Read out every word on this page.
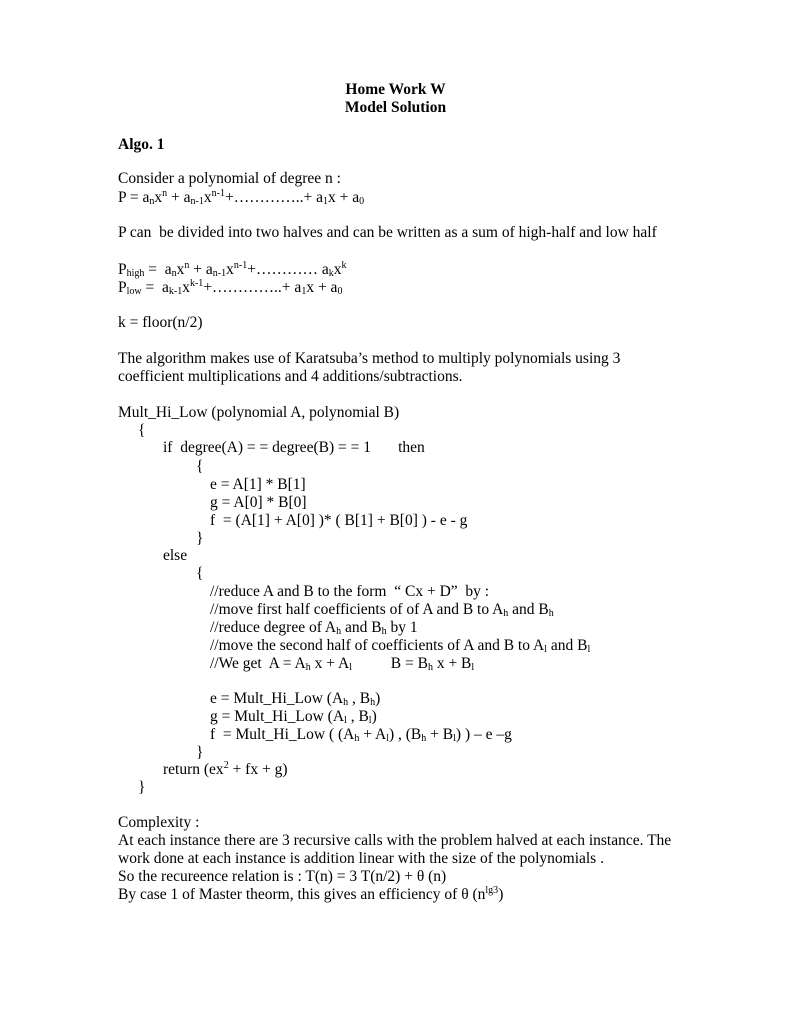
Home Work W
Model Solution
Algo. 1
Consider a polynomial of degree n :
$P = a_nx^n$ + $a_{n-1}x^{n-1}+\dots\dots\dots\dots..+ a_1x + a_0$
P can  be divided into two halves and can be written as a sum of high-half and low half
$P_{high} = a_nx^n$ + $a_{n-1}x^{n-1}+\dots\dots\dots\dots$ $a_kx^k$
$P_{low}$ =  $a_{k-1}x^{k-1}+\dots\dots\dots\dots..+ a_1x + a_0$
k = floor(n/2)
The algorithm makes use of Karatsuba’s method to multiply polynomials using 3
coefficient multiplications and 4 additions/subtractions.
Mult_Hi_Low (polynomial A, polynomial B)
{
if  degree(A) = = degree(B) = = 1       then
{
e = A[1] * B[1]
g = A[0] * B[0]
f  = (A[1] + A[0] )* ( B[1] + B[0] ) - e - g
}
else
{
//reduce A and B to the form  “ Cx + D”  by :
//move first half coefficients of of A and B to $A_h$ and $B_h$
//reduce degree of $A_h$ and $B_h$ by 1
//move the second half of coefficients of A and B to $A_l$ and $B_l$
//We get  $A = A_h$ $x + A_l$          $B = B_h$ $x + B_l$
e = Mult_Hi_Low ($A_h$ , $B_h$)
g = Mult_Hi_Low ($A_l$ , $B_l$)
f  = Mult_Hi_Low ( $(A_h + A_l)$ , $(B_h + B_l)$ ) – e –g
}
return ($ex^2$ + fx + g)
}
Complexity :
At each instance there are 3 recursive calls with the problem halved at each instance. The
work done at each instance is addition linear with the size of the polynomials .
So the recureence relation is : T(n) = 3 T(n/2) + θ (n)
By case 1 of Master theorm, this gives an efficiency of θ $(n^{lg3})$
